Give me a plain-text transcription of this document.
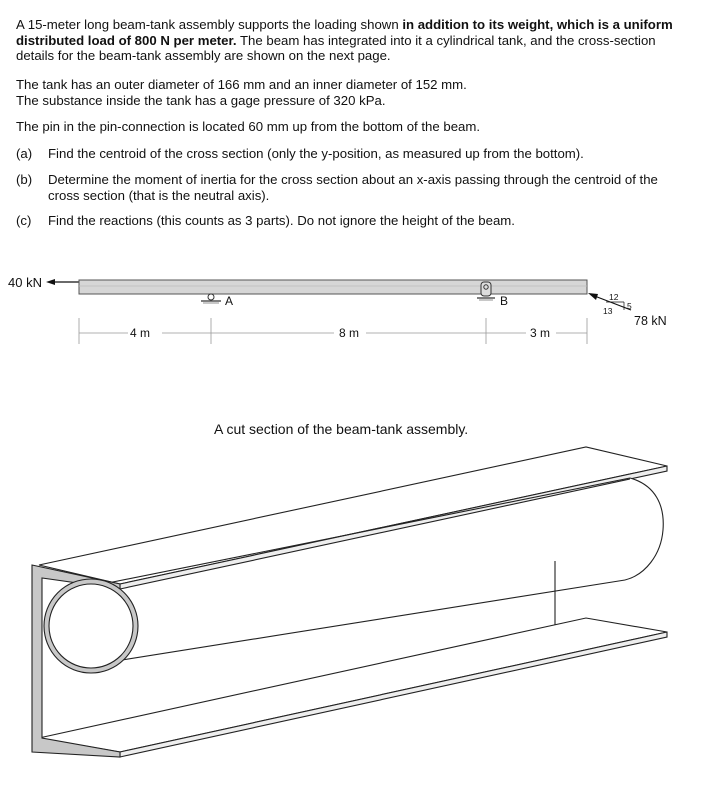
A 15-meter long beam-tank assembly supports the loading shown in addition to its weight, which is a uniform distributed load of 800 N per meter. The beam has integrated into it a cylindrical tank, and the cross-section details for the beam-tank assembly are shown on the next page.

The tank has an outer diameter of 166 mm and an inner diameter of 152 mm.
The substance inside the tank has a gage pressure of 320 kPa.
The pin in the pin-connection is located 60 mm up from the bottom of the beam.
(a) Find the centroid of the cross section (only the y-position, as measured up from the bottom).
(b) Determine the moment of inertia for the cross section about an x-axis passing through the centroid of the cross section (that is the neutral axis).
(c) Find the reactions (this counts as 3 parts). Do not ignore the height of the beam.
40 kN
A	B	12
5
13
78 kN
4 m	8 m	3 m
A cut section of the beam-tank assembly.
